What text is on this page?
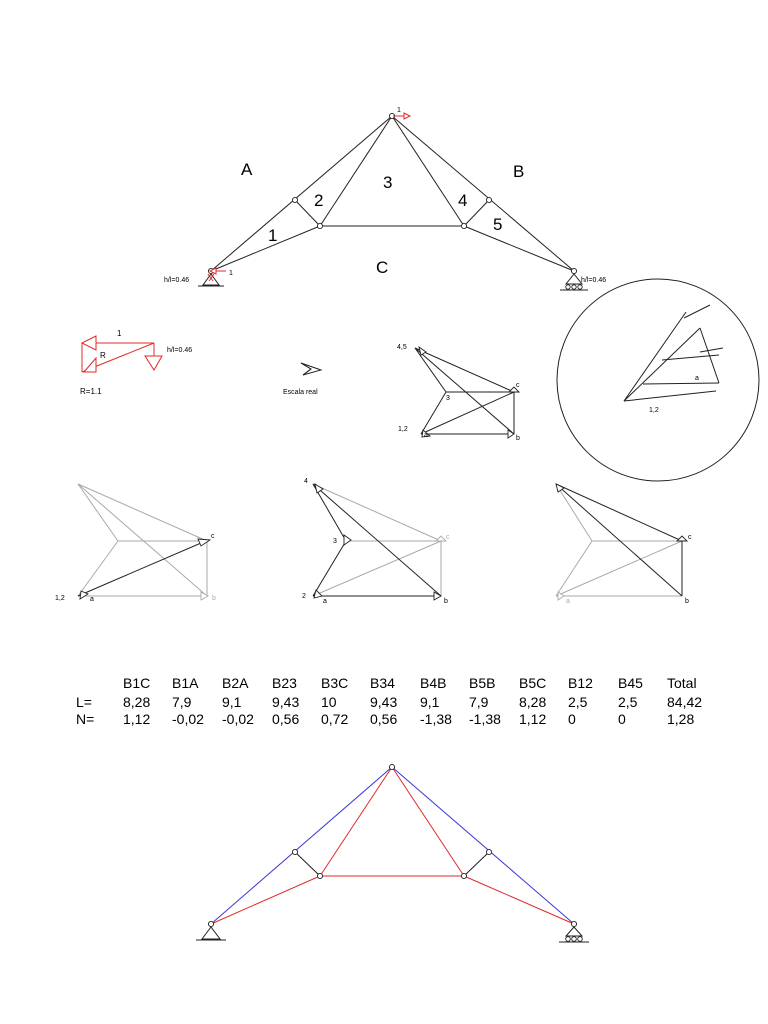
A	B
C
1
2
3
4
5
1
1
h/l=0.46	h/l=0.46
1
R
h/l=0.46
R=1.1	Escala real
4,5
3
c
1,2
a	b
a
1,2
c
1,2	a	b
4
c
3
2
a	b
c
a	b
B1C B1A B2A B23 B3C B34 B4B B5B B5C B12 B45 Total
L= 8,28 7,9 9,1 9,43 10 9,43 9,1 7,9 8,28 2,5 2,5 84,42
N= 1,12 -0,02 -0,02 0,56 0,72 0,56 -1,38 -1,38 1,12 0	0	1,28
